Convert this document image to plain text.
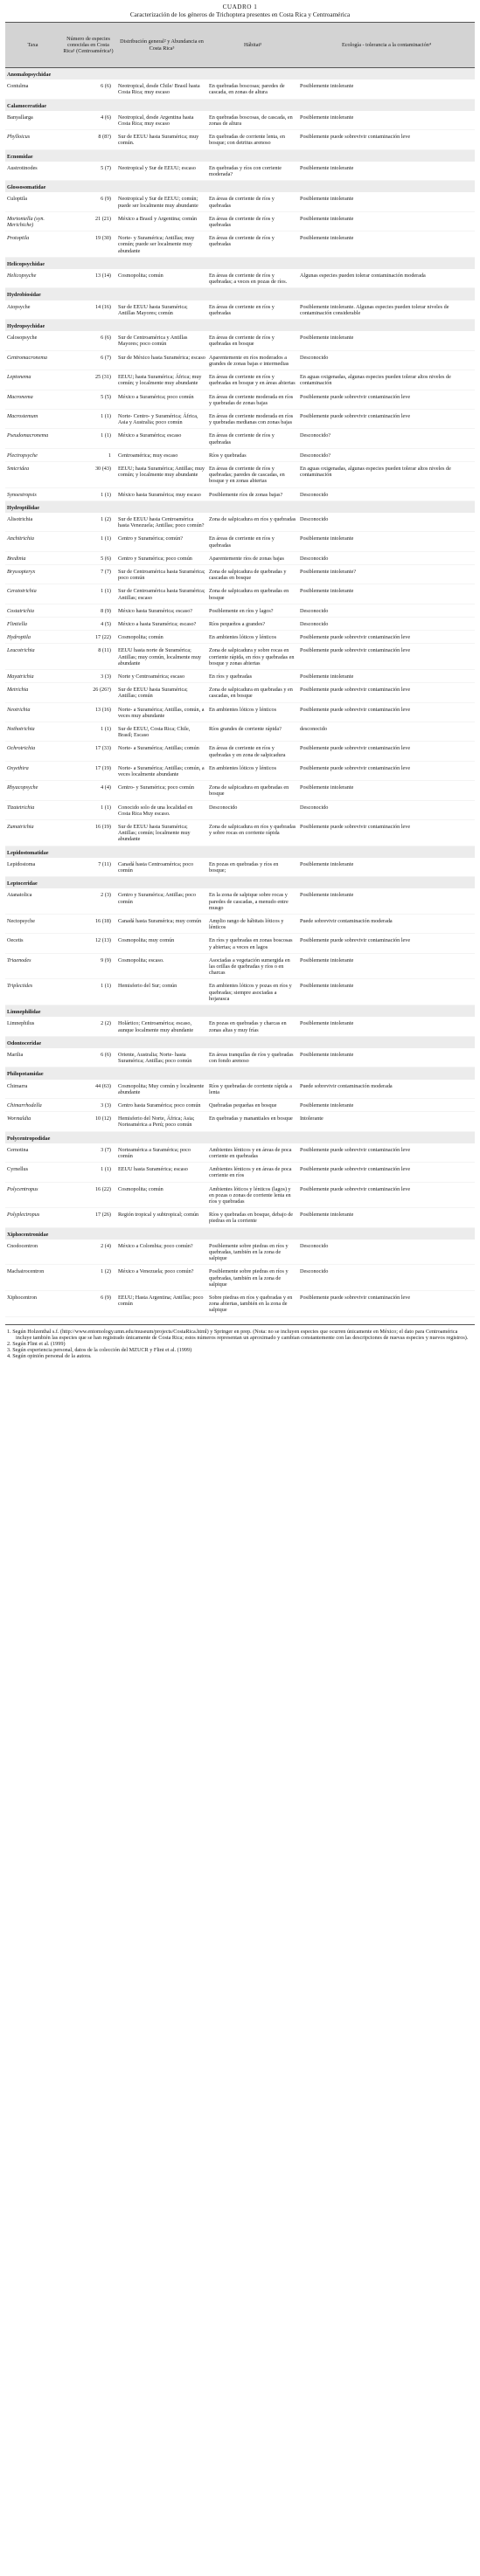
CUADRO 1
Caracterización de los géneros de Trichoptera presentes en Costa Rica y Centroamérica
Taxa	Número de especies conocidas en Costa Rica¹ (Centroamérica¹)	Distribución general² y Abundancia en Costa Rica³	Hábitat³	Ecología - tolerancia a la contaminación⁴
Anomalopsychidae				
Contulma	6 (6)	Neotropical, desde Chile/ Brasil hasta Costa Rica; muy escaso	En quebradas boscosas; paredes de cascada, en zonas de altura	Posiblemente intolerante
Calamoceratidae				
Banyallarga	4 (6)	Neotropical, desde Argentina hasta Costa Rica; muy escaso	En quebradas boscosas, de cascada, en zonas de altura	Posiblemente intolerante
Phylloicus	8 (8?)	Sur de EEUU hasta Suramérica; muy común.	En quebradas de corriente lenta, en bosque; con detritus arenoso	Posiblemente puede sobrevivir contaminación leve
Ecnomidae				
Austrotinodes	5 (7)	Neotropical y Sur de EEUU; escaso	En quebradas y ríos con corriente moderada?	Posiblemente intolerante
Glossosomatidae				
Culoptila	6 (9)	Neotropical y Sur de EEUU; común; puede ser localmente muy abundante	En áreas de corriente de ríos y quebradas	Posiblemente intolerante
Mortoniella (syn. Merichiche)	21 (21)	México a Brasil y Argentina; común	En áreas de corriente de ríos y quebradas	Posiblemente intolerante
Protoptila	19 (30)	Norte- y Suramérica; Antillas; muy común; puede ser localmente muy abundante	En áreas de corriente de ríos y quebradas	Posiblemente intolerante
Helicopsychidae				
Helicopsyche	13 (14)	Cosmopolita; común	En áreas de corriente de ríos y quebradas; a veces en pozas de ríos.	Algunas especies pueden tolerar contaminación moderada
Hydrobiosidae				
Atopsyche	14 (16)	Sur de EEUU hasta Suramérica; Antillas Mayores; común	En áreas de corriente en ríos y quebradas	Posiblemente intolerante. Algunas especies pueden tolerar niveles de contaminación considerable
Hydropsychidae				
Calosopsyche	6 (6)	Sur de Centroamérica y Antillas Mayores; poco común	En áreas de corriente de ríos y quebradas en bosque	Posiblemente intolerante
Centromacronema	6 (7)	Sur de México hasta Suramérica; escaso	Aparentemente en ríos moderados a grandes de zonas bajas e intermedias	Desconocido
Leptonema	25 (31)	EEUU; hasta Suramérica; África; muy común; y localmente muy abundante	En áreas de corriente en ríos y quebradas en bosque y en áreas abiertas	En aguas oxigenadas, algunas especies pueden tolerar altos niveles de contaminación
Macronema	5 (5)	México a Suramérica; poco común	En áreas de corriente moderada en ríos y quebradas de zonas bajas	Posiblemente puede sobrevivir contaminación leve
Macrostemum	1 (1)	Norte- Centro- y Suramérica; África, Asia y Australia; poco común	En áreas de corriente moderada en ríos y quebradas medianas con zonas bajas	Posiblemente puede sobrevivir contaminación leve
Pseudomacronema	1 (1)	México a Suramérica; escaso	En áreas de corriente de ríos y quebradas	Desconocido?
Plectropsyche	1	Centroamérica; muy escaso	Ríos y quebradas	Desconocido?
Smicridea	30 (43)	EEUU; hasta Suramérica; Antillas; muy común; y localmente muy abundante	En áreas de corriente de ríos y quebradas; paredes de cascadas, en bosque y en zonas abiertas	En aguas oxigenadas, algunas especies pueden tolerar altos niveles de contaminación
Synoestropsis	1 (1)	México hasta Suramérica; muy escaso	Posiblemente ríos de zonas bajas?	Desconocido
Hydroptilidae				
Alisotrichia	1 (2)	Sur de EEUU hasta Centroamérica hasta Venezuela; Antillas; poco común?	Zona de salpicadura en ríos y quebradas	Desconocido
Anchitrichia	1 (1)	Centro y Suramérica; común?	En áreas de corriente en ríos y quebradas	Posiblemente intolerante
Bredinia	5 (6)	Centro y Suramérica; poco común	Aparentemente ríos de zonas bajas	Desconocido
Bryssopteryx	7 (7)	Sur de Centroamérica hasta Suramérica; poco común	Zona de salpicadura de quebradas y cascadas en bosque	Posiblemente intolerante?
Ceratotrichia	1 (1)	Sur de Centroamérica hasta Suramérica; Antillas; escaso	Zona de salpicadura en quebradas en bosque	Posiblemente intolerante
Costatrichia	8 (9)	México hasta Suramérica; escaso?	Posiblemente en ríos y lagos?	Desconocido
Flintiella	4 (5)	México a hasta Suramérica; escaso?	Ríos pequeños a grandes?	Desconocido
Hydroptila	17 (22)	Cosmopolita; común	En ambientes lóticos y lénticos	Posiblemente puede sobrevivir contaminación leve
Leucotrichia	8 (11)	EEUU hasta norte de Suramérica; Antillas; muy común, localmente muy abundante	Zona de salpicadura y sobre rocas en corriente rápida, en ríos y quebradas en bosque y zonas abiertas	Posiblemente puede sobrevivir contaminación leve
Mayatrichia	3 (3)	Norte y Centroamérica; escaso	En ríos y quebradas	Posiblemente intolerante
Metrichia	26 (26?)	Sur de EEUU hasta Suramérica; Antillas; común	Zona de salpicadura en quebradas y en cascadas, en bosque	Posiblemente puede sobrevivir contaminación leve
Neotrichia	13 (16)	Norte- a Suramérica; Antillas, común, a veces muy abundante	En ambientes lóticos y lénticos	Posiblemente puede sobrevivir contaminación leve
Nothotrichia	1 (1)	Sur de EEUU, Costa Rica; Chile, Brasil; Escaso	Ríos grandes de corriente rápida?	desconocido
Ochrotrichia	17 (33)	Norte- a Suramérica; Antillas; común	En áreas de corriente en ríos y quebradas y en zona de salpicadura	Posiblemente puede sobrevivir contaminación leve
Oxyethira	17 (19)	Norte- a Suramérica; Antillas; común, a veces localmente abundante	En ambientes lóticos y lénticos	Posiblemente puede sobrevivir contaminación leve
Rhyacopsyche	4 (4)	Centro- y Suramérica; poco común	Zona de salpicadura en quebradas en bosque	Posiblemente intolerante
Tizatetrichia	1 (1)	Conocido solo de una localidad en Costa Rica Muy escaso.	Desconocido	Desconocido
Zumatrichia	16 (19)	Sur de EEUU hasta Suramérica; Antillas; común; localmente muy abundante	Zona de salpicadura en ríos y quebradas y sobre rocas en corriente rápida	Posiblemente puede sobrevivir contaminación leve
Lepidostomatidae				
Lepidostoma	7 (11)	Canadá hasta Centroamérica; poco común	En pozas en quebradas y ríos en bosque;	Posiblemente intolerante
Leptoceridae				
Atanatolica	2 (3)	Centro y Suramérica; Antillas; poco común	En la zona de salpique sobre rocas y paredes de cascadas, a menudo entre musgo	Posiblemente intolerante
Nectopsyche	16 (18)	Canadá hasta Suramérica; muy común	Amplio rango de hábitats lóticos y lénticos	Puede sobrevivir contaminación moderada
Oecetis	12 (13)	Cosmopolita; muy común	En ríos y quebradas en zonas boscosas y abiertas; a veces en lagos	Posiblemente puede sobrevivir contaminación leve
Triaenodes	9 (9)	Cosmopolita; escaso.	Asociadas a vegetación sumergida en las orillas de quebradas y ríos o en charcas	Posiblemente intolerante
Triplectides	1 (1)	Hemisferio del Sur; común	En ambientes lóticos y pozas en ríos y quebradas; siempre asociadas a hojarasca	Posiblemente intolerante
Limnephilidae				
Limnephilus	2 (2)	Holártico; Centroamérica; escaso, aunque localmente muy abundante	En pozas en quebradas y charcas en zonas altas y muy frías	Posiblemente intolerante
Odontoceridae				
Marilia	6 (6)	Oriente, Australia; Norte- hasta Suramérica; Antillas; poco común	En áreas tranquilas de ríos y quebradas con fondo arenoso	Posiblemente intolerante
Philopotamidae				
Chimarra	44 (63)	Cosmopolita; Muy común y localmente abundante	Ríos y quebradas de corriente rápida a lenta	Puede sobrevivir contaminación moderada
Chimarrhodella	3 (3)	Centro hasta Suramérica; poco común	Quebradas pequeñas en bosque	Posiblemente intolerante
Wormaldia	10 (12)	Hemisferio del Norte, África; Asia; Norteamérica a Perú; poco común	En quebradas y manantiales en bosque	Intolerante
Polycentropodidae				
Cernotina	3 (7)	Norteamérica a Suramérica; poco común	Ambientes lénticos y en áreas de poca corriente en quebradas	Posiblemente puede sobrevivir contaminación leve
Cyrnellus	1 (1)	EEUU hasta Suramérica; escaso	Ambientes lénticos y en áreas de poca corriente en ríos	Posiblemente puede sobrevivir contaminación leve
Polycentropus	16 (22)	Cosmopolita; común	Ambientes lóticos y lénticos (lagos) y en pozas o zonas de corriente lenta en ríos y quebradas	Posiblemente puede sobrevivir contaminación leve
Polyplectropus	17 (26)	Región tropical y subtropical; común	Ríos y quebradas en bosque, debajo de piedras en la corriente	Posiblemente intolerante
Xiphocentronidae				
Cnodocentron	2 (4)	México a Colombia; poco común?	Posiblemente sobre piedras en ríos y quebradas, también en la zona de salpique	Desconocido
Machairocentron	1 (2)	México a Venezuela; poco común?	Posiblemente sobre piedras en ríos y quebradas, también en la zona de salpique	Desconocido
Xiphocentron	6 (9)	EEUU; Hasta Argentina; Antillas; poco común	Sobre piedras en ríos y quebradas y en zona abiertas, también en la zona de salpique	Posiblemente puede sobrevivir contaminación leve
1. Según Holzenthal s.f. (http://www.entomology.umn.edu/museum/projects/CostaRica.html) y Springer en prep. (Nota: no se incluyen especies que ocurren únicamente en México; el dato para Centroamérica incluye también las especies que se han registrado únicamente de Costa Rica; estos números representan un aproximado y cambian constantemente con las descripciones de nuevas especies y nuevos registros).
2. Según Flint et al. (1999)
3. Según experiencia personal, datos de la colección del MZUCR y Flint et al. (1999)
4. Según opinión personal de la autora.
